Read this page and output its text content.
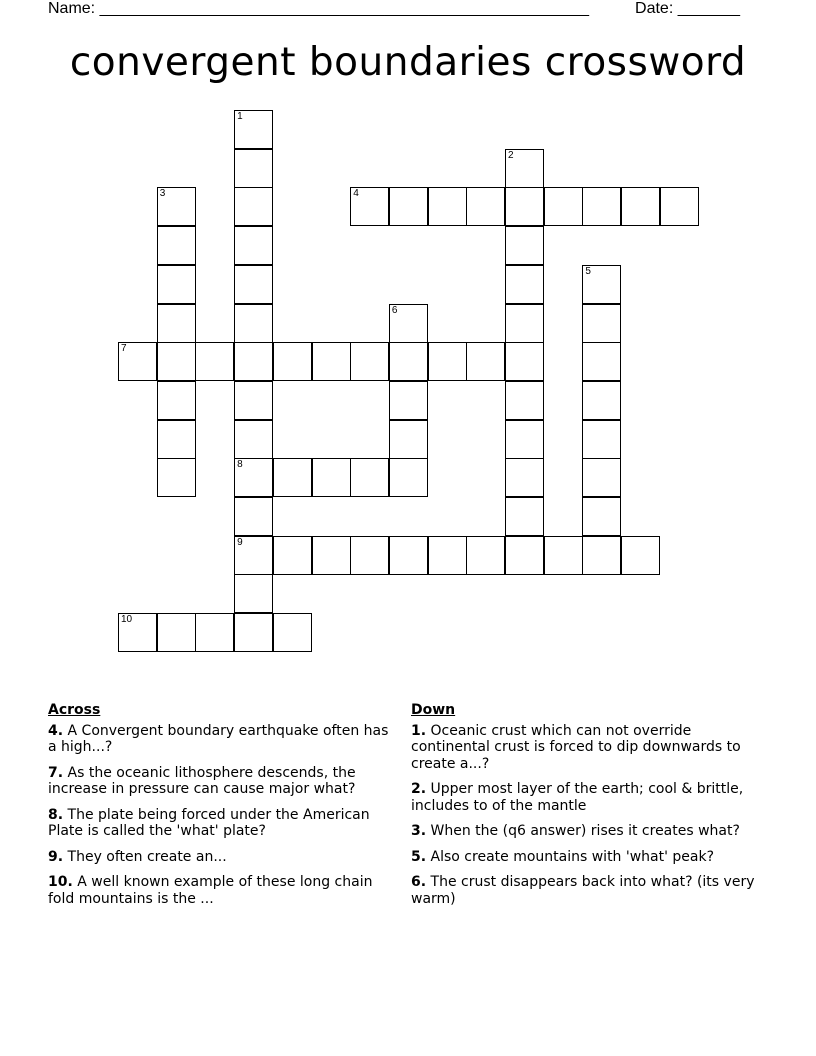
Name: _______________________________________________________	Date: _______
convergent boundaries crossword
1
8
9
2
3	4
5
6
7
10
Across
4. A Convergent boundary earthquake often has a high...?
7. As the oceanic lithosphere descends, the increase in pressure can cause major what?
8. The plate being forced under the American Plate is called the 'what' plate?
9. They often create an...
10. A well known example of these long chain fold mountains is the ...
Down
1. Oceanic crust which can not override continental crust is forced to dip downwards to create a...?
2. Upper most layer of the earth; cool & brittle, includes to of the mantle
3. When the (q6 answer) rises it creates what?
5. Also create mountains with 'what' peak?
6. The crust disappears back into what? (its very warm)
